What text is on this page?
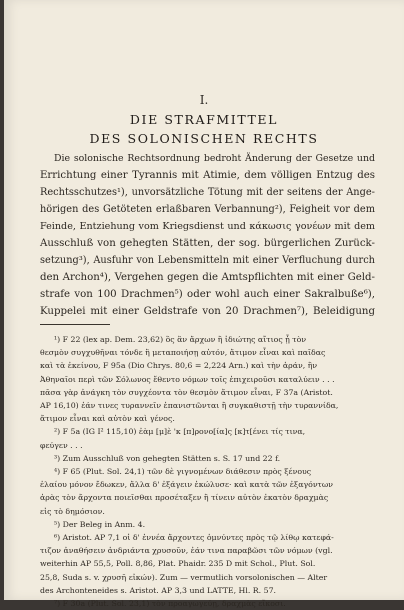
I.
DIE STRAFMITTEL
DES SOLONISCHEN RECHTS

Die solonische Rechtsordnung bedroht Änderung der Gesetze und
Errichtung einer Tyrannis mit Atimie, dem völligen Entzug des
Rechtsschutzes¹), unvorsätzliche Tötung mit der seitens der Ange-
hörigen des Getöteten erlaßbaren Verbannung²), Feigheit vor dem
Feinde, Entziehung vom Kriegsdienst und κάκωσις γονέων mit dem
Ausschluß von gehegten Stätten, der sog. bürgerlichen Zurück-
setzung³), Ausfuhr von Lebensmitteln mit einer Verfluchung durch
den Archon⁴), Vergehen gegen die Amtspflichten mit einer Geld-
strafe von 100 Drachmen⁵) oder wohl auch einer Sakralbuße⁶),
Kuppelei mit einer Geldstrafe von 20 Drachmen⁷), Beleidigung

¹) F 22 (lex ap. Dem. 23,62) ὃς ἂν ἄρχων ἢ ἰδιώτης αἴτιος ᾖ τὸν
θεσμὸν συγχυθῆναι τόνδε ἢ μεταποιήσῃ αὐτόν, ἄτιμον εἶναι καὶ παῖδας
καὶ τὰ ἐκείνου, F 95a (Dio Chrys. 80,6 = 2,224 Arn.) καὶ τὴν ἀράν, ἣν
Ἀθηναῖοι περὶ τῶν Σόλωνος ἔθεντο νόμων τοῖς ἐπιχειροῦσι καταλύειν . . .
πᾶσα γὰρ ἀνάγκη τὸν συγχέοντα τὸν θεσμὸν ἄτιμον εἶναι, F 37a (Aristot.
AP 16,10) ἐάν τινες τυραννεῖν ἐπανιστῶνται ἢ συγκαθιστῇ τὴν τυραννίδα,
ἄτιμον εἶναι καὶ αὐτὸν καὶ γένος.
²) F 5a (IG I² 115,10) ἐὰμ [μ]ὲ 'κ [π]ρονο[ία]ς [κ]τ[ένει τίς τινα,
φεύγεν . . .
³) Zum Ausschluß von gehegten Stätten s. S. 17 und 22 f.
⁴) F 65 (Plut. Sol. 24,1) τῶν δὲ γιγνομένων διάθεσιν πρὸς ξένους
ἐλαίου μόνον ἔδωκεν, ἄλλα δ' ἐξάγειν ἐκώλυσε· καὶ κατὰ τῶν ἐξαγόντων
ἀρὰς τὸν ἄρχοντα ποιεῖσθαι προσέταξεν ἢ τίνειν αὐτὸν ἑκατὸν δραχμὰς
εἰς τὸ δημόσιον.
⁵) Der Beleg in Anm. 4.
⁶) Aristot. AP 7,1 οἱ δ' ἐννέα ἄρχοντες ὀμνύντες πρὸς τῷ λίθῳ κατεφά-
τιζον ἀναθήσειν ἀνδριάντα χρυσοῦν, ἐάν τινα παραβῶσι τῶν νόμων (vgl.
weiterhin AP 55,5, Poll. 8,86, Plat. Phaidr. 235 D mit Schol., Plut. Sol.
25,8, Suda s. v. χρυσῆ εἰκών). Zum — vermutlich vorsolonischen — Alter
des Archonteneides s. Aristot. AP 3,3 und LATTE, Hl. R. 57.
⁷) F 30a (Plut. Sol. 23,1) τὸν προαγωγεύῃ, δραχμὰς εἴκοσι.
